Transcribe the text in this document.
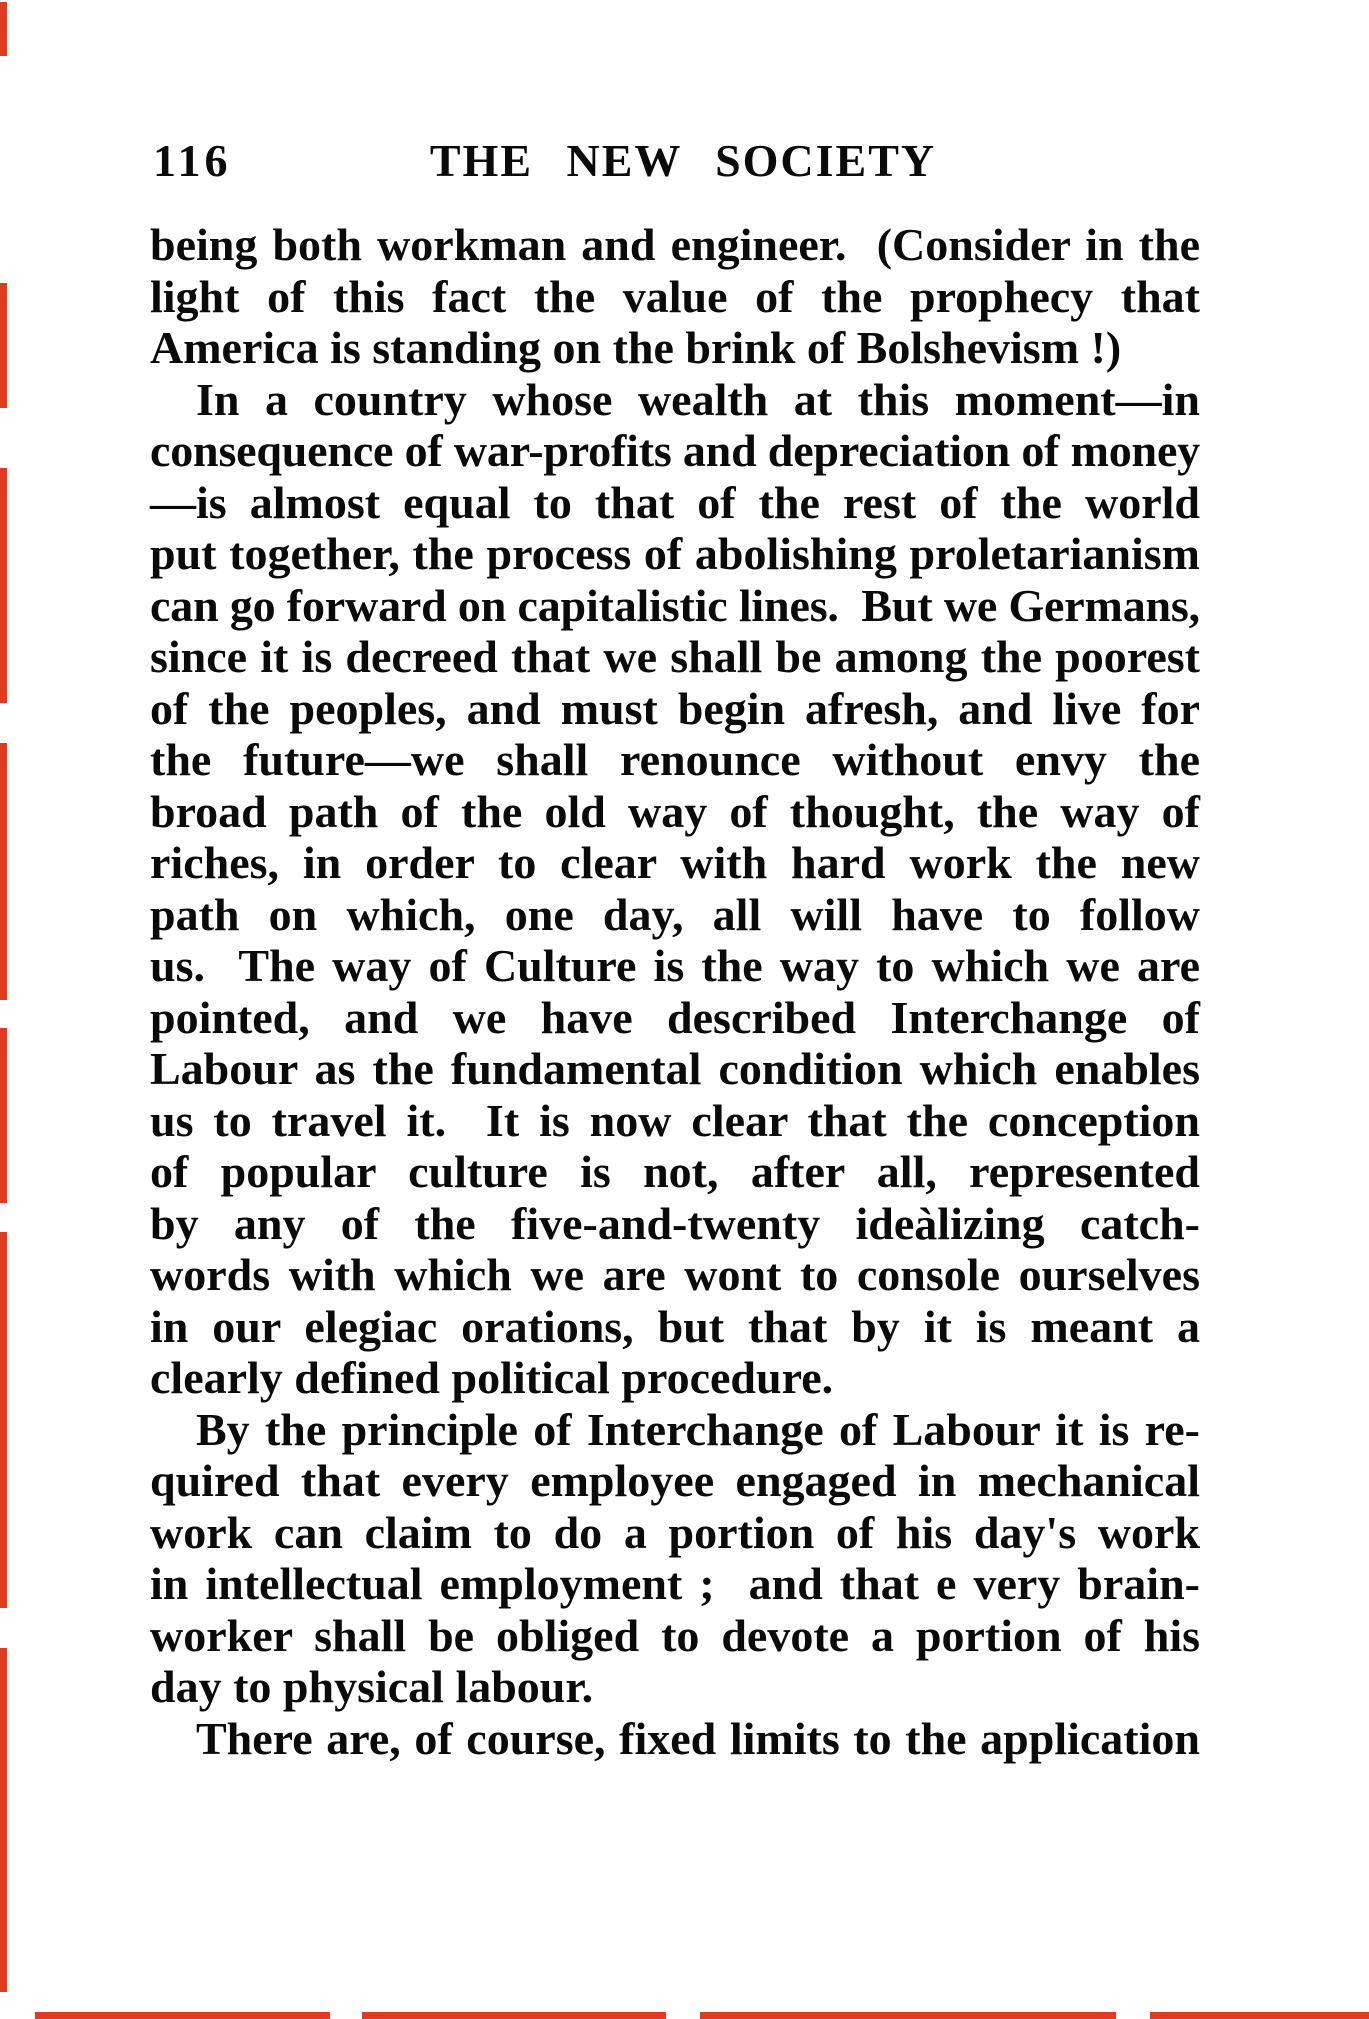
116	THE NEW SOCIETY
being both workman and engineer.  (Consider in the
light of this fact the value of the prophecy that
America is standing on the brink of Bolshevism !)
In a country whose wealth at this moment—in
consequence of war-profits and depreciation of money
—is almost equal to that of the rest of the world
put together, the process of abolishing proletarianism
can go forward on capitalistic lines.  But we Germans,
since it is decreed that we shall be among the poorest
of the peoples, and must begin afresh, and live for
the future—we shall renounce without envy the
broad path of the old way of thought, the way of
riches, in order to clear with hard work the new
path on which, one day, all will have to follow
us.  The way of Culture is the way to which we are
pointed, and we have described Interchange of
Labour as the fundamental condition which enables
us to travel it.  It is now clear that the conception
of popular culture is not, after all, represented
by any of the five-and-twenty ideàlizing catch-
words with which we are wont to console ourselves
in our elegiac orations, but that by it is meant a
clearly defined political procedure.
By the principle of Interchange of Labour it is re-
quired that every employee engaged in mechanical
work can claim to do a portion of his day's work
in intellectual employment ;  and that e very brain-
worker shall be obliged to devote a portion of his
day to physical labour.
There are, of course, fixed limits to the application
